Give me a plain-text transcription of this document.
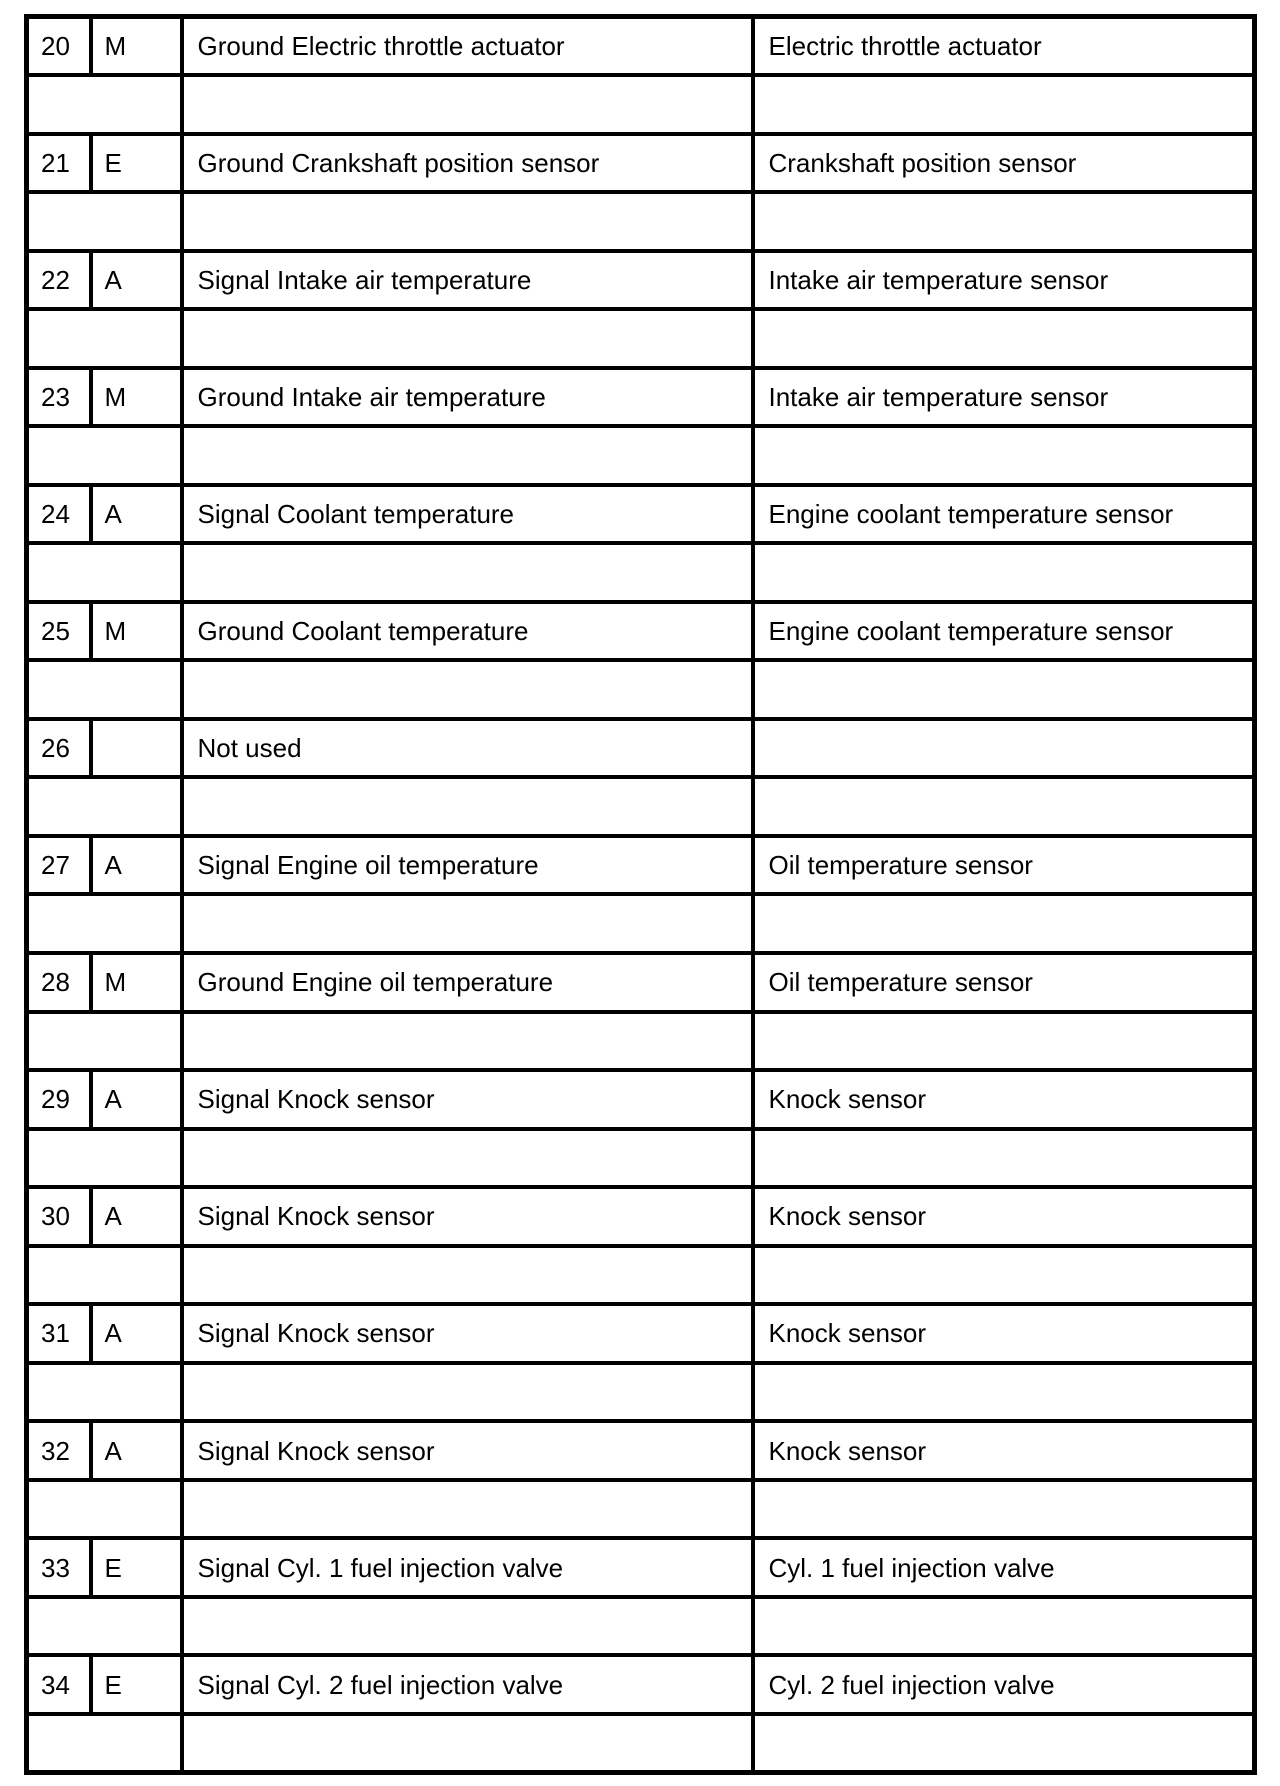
20	M	Ground Electric throttle actuator	Electric throttle actuator

21	E	Ground Crankshaft position sensor	Crankshaft position sensor

22	A	Signal Intake air temperature	Intake air temperature sensor

23	M	Ground Intake air temperature	Intake air temperature sensor

24	A	Signal Coolant temperature	Engine coolant temperature sensor

25	M	Ground Coolant temperature	Engine coolant temperature sensor

26		Not used	

27	A	Signal Engine oil temperature	Oil temperature sensor

28	M	Ground Engine oil temperature	Oil temperature sensor

29	A	Signal Knock sensor	Knock sensor

30	A	Signal Knock sensor	Knock sensor

31	A	Signal Knock sensor	Knock sensor

32	A	Signal Knock sensor	Knock sensor

33	E	Signal Cyl. 1 fuel injection valve	Cyl. 1 fuel injection valve

34	E	Signal Cyl. 2 fuel injection valve	Cyl. 2 fuel injection valve
